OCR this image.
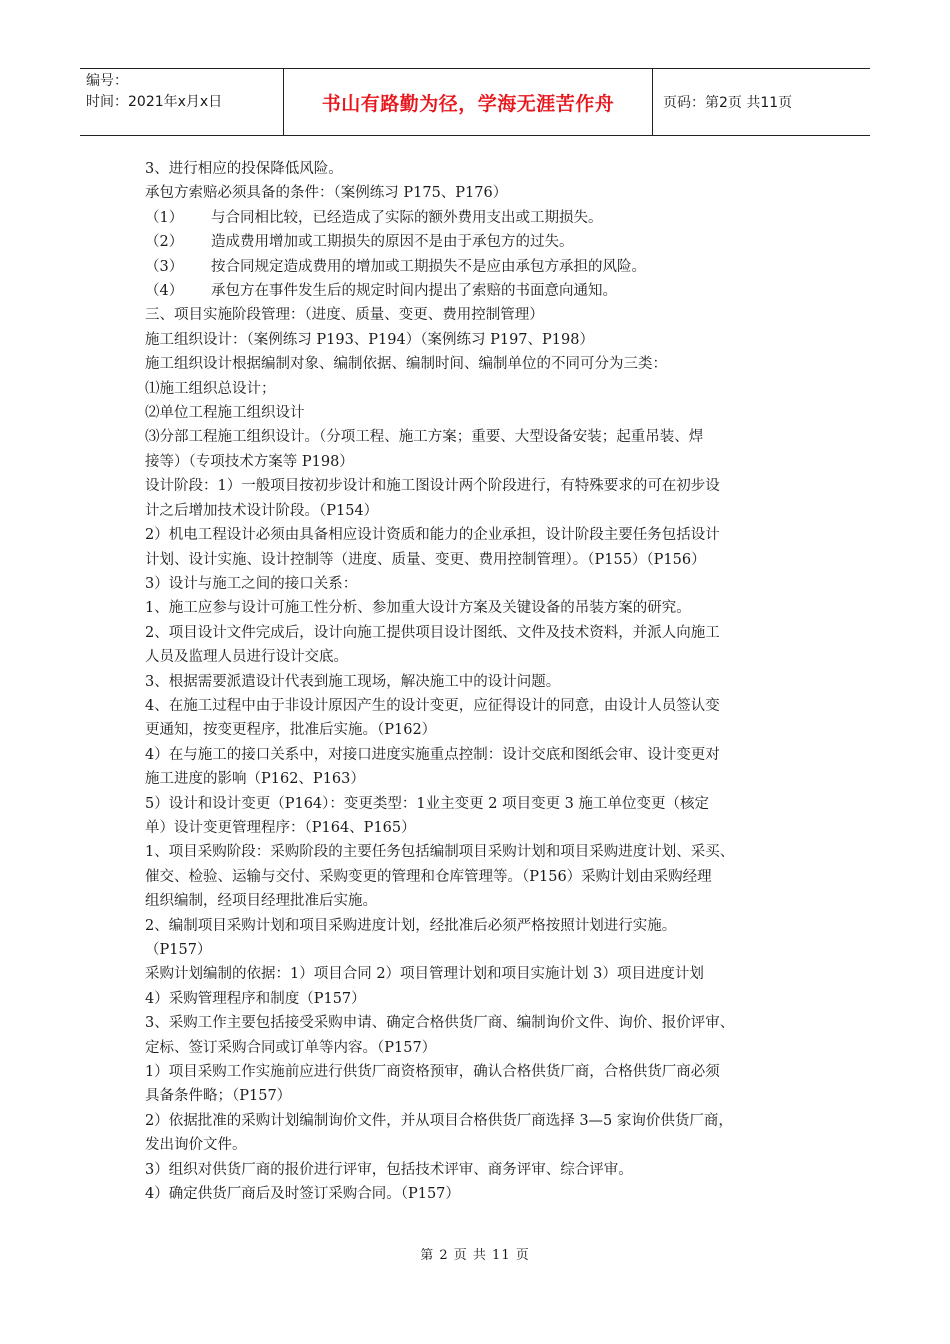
编号：
时间：2021年x月x日	书山有路勤为径，学海无涯苦作舟	页码：第2页 共11页

3、进行相应的投保降低风险。

承包方索赔必须具备的条件：（案例练习 P175、P176）

（1） 与合同相比较，已经造成了实际的额外费用支出或工期损失。

（2） 造成费用增加或工期损失的原因不是由于承包方的过失。

（3） 按合同规定造成费用的增加或工期损失不是应由承包方承担的风险。

（4） 承包方在事件发生后的规定时间内提出了索赔的书面意向通知。

三、项目实施阶段管理：（进度、质量、变更、费用控制管理）

施工组织设计：（案例练习 P193、P194）（案例练习 P197、P198）

施工组织设计根据编制对象、编制依据、编制时间、编制单位的不同可分为三类：

⑴施工组织总设计；

⑵单位工程施工组织设计

⑶分部工程施工组织设计。（分项工程、施工方案；重要、大型设备安装；起重吊装、焊

接等）（专项技术方案等 P198）

设计阶段：1）一般项目按初步设计和施工图设计两个阶段进行，有特殊要求的可在初步设

计之后增加技术设计阶段。（P154）

2）机电工程设计必须由具备相应设计资质和能力的企业承担，设计阶段主要任务包括设计

计划、设计实施、设计控制等（进度、质量、变更、费用控制管理）。（P155）（P156）

3）设计与施工之间的接口关系：

1、施工应参与设计可施工性分析、参加重大设计方案及关键设备的吊装方案的研究。

2、项目设计文件完成后，设计向施工提供项目设计图纸、文件及技术资料，并派人向施工

人员及监理人员进行设计交底。

3、根据需要派遣设计代表到施工现场，解决施工中的设计问题。

4、在施工过程中由于非设计原因产生的设计变更，应征得设计的同意，由设计人员签认变

更通知，按变更程序，批准后实施。（P162）

4）在与施工的接口关系中，对接口进度实施重点控制：设计交底和图纸会审、设计变更对

施工进度的影响（P162、P163）

5）设计和设计变更（P164）：变更类型：1业主变更 2 项目变更 3 施工单位变更（核定

单）设计变更管理程序：（P164、P165）

1、项目采购阶段：采购阶段的主要任务包括编制项目采购计划和项目采购进度计划、采买、

催交、检验、运输与交付、采购变更的管理和仓库管理等。（P156）采购计划由采购经理

组织编制，经项目经理批准后实施。

2、编制项目采购计划和项目采购进度计划，经批准后必须严格按照计划进行实施。

（P157）

采购计划编制的依据：1）项目合同 2）项目管理计划和项目实施计划 3）项目进度计划

4）采购管理程序和制度（P157）

3、采购工作主要包括接受采购申请、确定合格供货厂商、编制询价文件、询价、报价评审、

定标、签订采购合同或订单等内容。（P157）

1）项目采购工作实施前应进行供货厂商资格预审，确认合格供货厂商，合格供货厂商必须

具备条件略；（P157）

2）依据批准的采购计划编制询价文件，并从项目合格供货厂商选择 3—5 家询价供货厂商，

发出询价文件。

3）组织对供货厂商的报价进行评审，包括技术评审、商务评审、综合评审。

4）确定供货厂商后及时签订采购合同。（P157）

第 2 页 共 11 页
